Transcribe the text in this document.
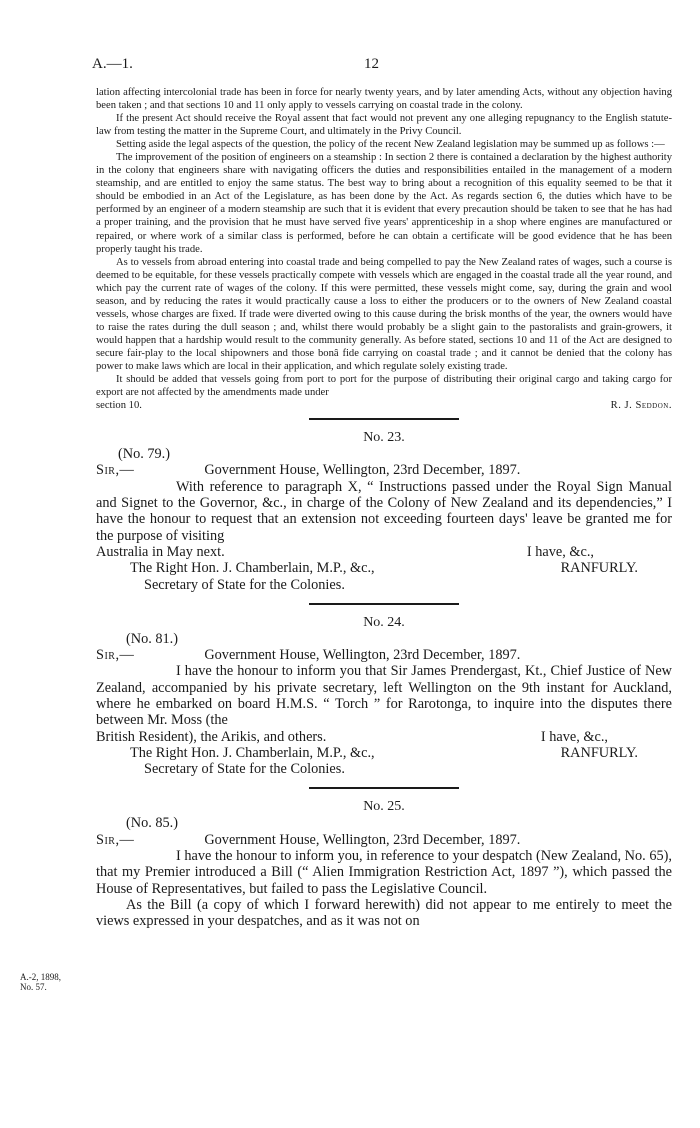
A.—1.	12

lation affecting intercolonial trade has been in force for nearly twenty years, and by later amending Acts, without any objection having been taken ; and that sections 10 and 11 only apply to vessels carrying on coastal trade in the colony.

If the present Act should receive the Royal assent that fact would not prevent any one alleging repugnancy to the English statute-law from testing the matter in the Supreme Court, and ultimately in the Privy Council.

Setting aside the legal aspects of the question, the policy of the recent New Zealand legislation may be summed up as follows :—

The improvement of the position of engineers on a steamship : In section 2 there is contained a declaration by the highest authority in the colony that engineers share with navigating officers the duties and responsibilities entailed in the management of a modern steamship, and are entitled to enjoy the same status. The best way to bring about a recognition of this equality seemed to be that it should be embodied in an Act of the Legislature, as has been done by the Act. As regards section 6, the duties which have to be performed by an engineer of a modern steamship are such that it is evident that every precaution should be taken to see that he has had a proper training, and the provision that he must have served five years' apprenticeship in a shop where engines are manufactured or repaired, or where work of a similar class is performed, before he can obtain a certificate will be good evidence that he has been properly taught his trade.

As to vessels from abroad entering into coastal trade and being compelled to pay the New Zealand rates of wages, such a course is deemed to be equitable, for these vessels practically compete with vessels which are engaged in the coastal trade all the year round, and which pay the current rate of wages of the colony. If this were permitted, these vessels might come, say, during the grain and wool season, and by reducing the rates it would practically cause a loss to either the producers or to the owners of New Zealand coastal vessels, whose charges are fixed. If trade were diverted owing to this cause during the brisk months of the year, the owners would have to raise the rates during the dull season ; and, whilst there would probably be a slight gain to the pastoralists and grain-growers, it would happen that a hardship would result to the community generally. As before stated, sections 10 and 11 of the Act are designed to secure fair-play to the local shipowners and those bonâ fide carrying on coastal trade ; and it cannot be denied that the colony has power to make laws which are local in their application, and which regulate solely existing trade.

It should be added that vessels going from port to port for the purpose of distributing their original cargo and taking cargo for export are not affected by the amendments made under

section 10.	R. J. Seddon.
No. 23.
(No. 79.)
Sir,—	Government House, Wellington, 23rd December, 1897.

With reference to paragraph X, “ Instructions passed under the Royal Sign Manual and Signet to the Governor, &c., in charge of the Colony of New Zealand and its dependencies,” I have the honour to request that an extension not exceeding fourteen days' leave be granted me for the purpose of visiting

Australia in May next.	I have, &c.,
The Right Hon. J. Chamberlain, M.P., &c.,	RANFURLY.
Secretary of State for the Colonies.
No. 24.
(No. 81.)
Sir,—	Government House, Wellington, 23rd December, 1897.

I have the honour to inform you that Sir James Prendergast, Kt., Chief Justice of New Zealand, accompanied by his private secretary, left Wellington on the 9th instant for Auckland, where he embarked on board H.M.S. “ Torch ” for Rarotonga, to inquire into the disputes there between Mr. Moss (the

British Resident), the Arikis, and others.	I have, &c.,
The Right Hon. J. Chamberlain, M.P., &c.,	RANFURLY.
Secretary of State for the Colonies.
No. 25.
(No. 85.)
Sir,—	Government House, Wellington, 23rd December, 1897.

I have the honour to inform you, in reference to your despatch (New Zealand, No. 65), that my Premier introduced a Bill (“ Alien Immigration Restriction Act, 1897 ”), which passed the House of Representatives, but failed to pass the Legislative Council.

As the Bill (a copy of which I forward herewith) did not appear to me entirely to meet the views expressed in your despatches, and as it was not on

A.-2, 1898,
No. 57.
